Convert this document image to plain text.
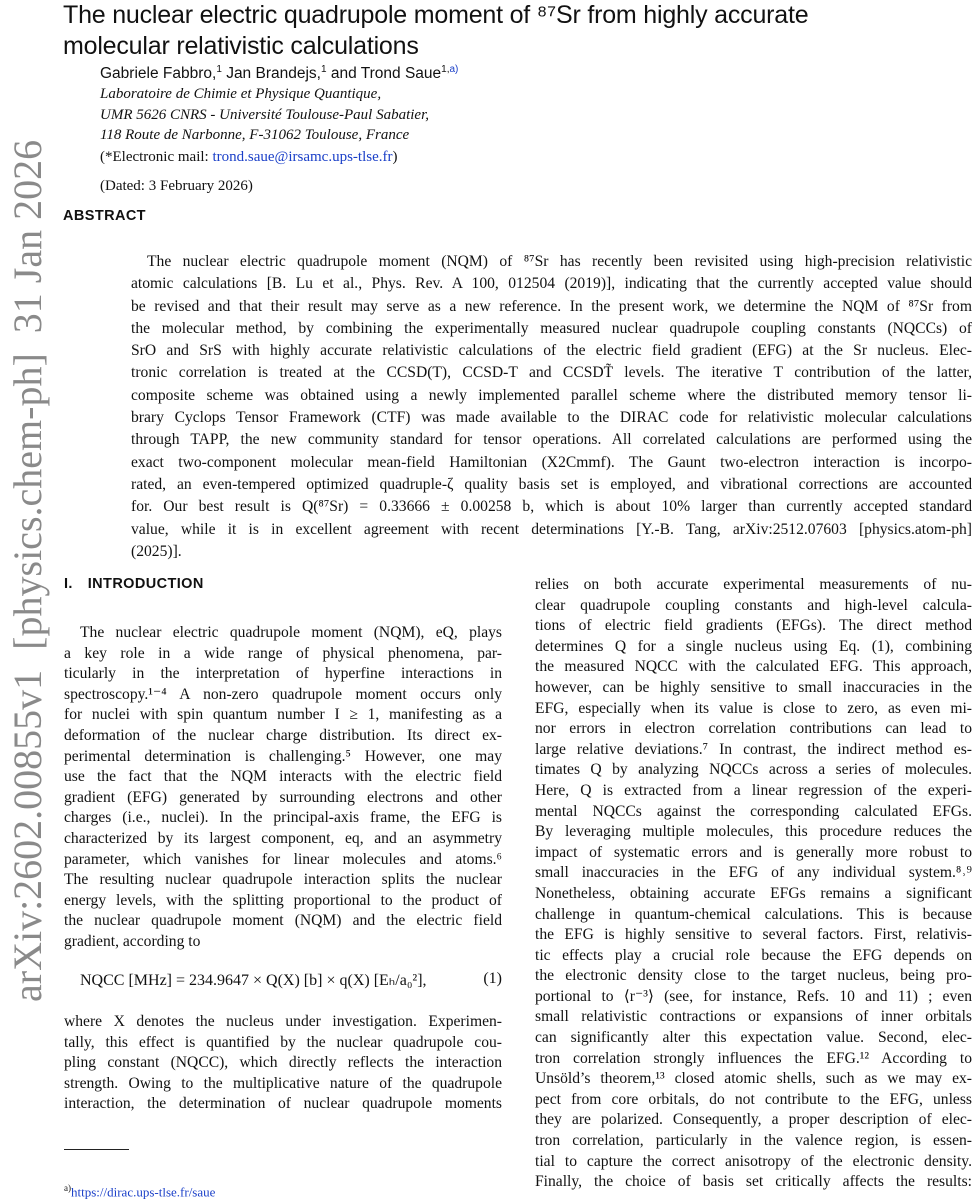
arXiv:2602.00855v1  [physics.chem-ph]  31 Jan 2026
The nuclear electric quadrupole moment of ⁸⁷Sr from highly accurate
molecular relativistic calculations
Gabriele Fabbro,$^1$ Jan Brandejs,$^1$ and Trond Saue$^{1,a)}$
Laboratoire de Chimie et Physique Quantique,
UMR 5626 CNRS - Université Toulouse-Paul Sabatier,
118 Route de Narbonne, F-31062 Toulouse, France
(*Electronic mail: trond.saue@irsamc.ups-tlse.fr)
(Dated: 3 February 2026)
ABSTRACT
The nuclear electric quadrupole moment (NQM) of ⁸⁷Sr has recently been revisited using high-precision relativistic
atomic calculations [B. Lu et al., Phys. Rev. A 100, 012504 (2019)], indicating that the currently accepted value should
be revised and that their result may serve as a new reference. In the present work, we determine the NQM of ⁸⁷Sr from
the molecular method, by combining the experimentally measured nuclear quadrupole coupling constants (NQCCs) of
SrO and SrS with highly accurate relativistic calculations of the electric field gradient (EFG) at the Sr nucleus. Elec-
tronic correlation is treated at the CCSD(T), CCSD-T and CCSDT̃ levels. The iterative T contribution of the latter,
composite scheme was obtained using a newly implemented parallel scheme where the distributed memory tensor li-
brary Cyclops Tensor Framework (CTF) was made available to the DIRAC code for relativistic molecular calculations
through TAPP, the new community standard for tensor operations. All correlated calculations are performed using the
exact two-component molecular mean-field Hamiltonian (X2Cmmf). The Gaunt two-electron interaction is incorpo-
rated, an even-tempered optimized quadruple-ζ quality basis set is employed, and vibrational corrections are accounted
for. Our best result is Q(⁸⁷Sr) = 0.33666 ± 0.00258 b, which is about 10% larger than currently accepted standard
value, while it is in excellent agreement with recent determinations [Y.-B. Tang, arXiv:2512.07603 [physics.atom-ph]
(2025)].
I. INTRODUCTION
The nuclear electric quadrupole moment (NQM), eQ, plays
a key role in a wide range of physical phenomena, par-
ticularly in the interpretation of hyperfine interactions in
spectroscopy.¹⁻⁴ A non-zero quadrupole moment occurs only
for nuclei with spin quantum number I ≥ 1, manifesting as a
deformation of the nuclear charge distribution. Its direct ex-
perimental determination is challenging.⁵ However, one may
use the fact that the NQM interacts with the electric field
gradient (EFG) generated by surrounding electrons and other
charges (i.e., nuclei). In the principal-axis frame, the EFG is
characterized by its largest component, eq, and an asymmetry
parameter, which vanishes for linear molecules and atoms.⁶
The resulting nuclear quadrupole interaction splits the nuclear
energy levels, with the splitting proportional to the product of
the nuclear quadrupole moment (NQM) and the electric field
gradient, according to
NQCC [MHz] = 234.9647 × Q(X) [b] × q(X) [Eₕ/a₀²],	(1)
where X denotes the nucleus under investigation. Experimen-
tally, this effect is quantified by the nuclear quadrupole cou-
pling constant (NQCC), which directly reflects the interaction
strength. Owing to the multiplicative nature of the quadrupole
interaction, the determination of nuclear quadrupole moments
relies on both accurate experimental measurements of nu-
clear quadrupole coupling constants and high-level calcula-
tions of electric field gradients (EFGs). The direct method
determines Q for a single nucleus using Eq. (1), combining
the measured NQCC with the calculated EFG. This approach,
however, can be highly sensitive to small inaccuracies in the
EFG, especially when its value is close to zero, as even mi-
nor errors in electron correlation contributions can lead to
large relative deviations.⁷ In contrast, the indirect method es-
timates Q by analyzing NQCCs across a series of molecules.
Here, Q is extracted from a linear regression of the experi-
mental NQCCs against the corresponding calculated EFGs.
By leveraging multiple molecules, this procedure reduces the
impact of systematic errors and is generally more robust to
small inaccuracies in the EFG of any individual system.⁸˒⁹
Nonetheless, obtaining accurate EFGs remains a significant
challenge in quantum-chemical calculations. This is because
the EFG is highly sensitive to several factors. First, relativis-
tic effects play a crucial role because the EFG depends on
the electronic density close to the target nucleus, being pro-
portional to ⟨r⁻³⟩ (see, for instance, Refs. 10 and 11) ; even
small relativistic contractions or expansions of inner orbitals
can significantly alter this expectation value. Second, elec-
tron correlation strongly influences the EFG.¹² According to
Unsöld’s theorem,¹³ closed atomic shells, such as we may ex-
pect from core orbitals, do not contribute to the EFG, unless
they are polarized. Consequently, a proper description of elec-
tron correlation, particularly in the valence region, is essen-
tial to capture the correct anisotropy of the electronic density.
Finally, the choice of basis set critically affects the results:
$^{a)}$https://dirac.ups-tlse.fr/saue
